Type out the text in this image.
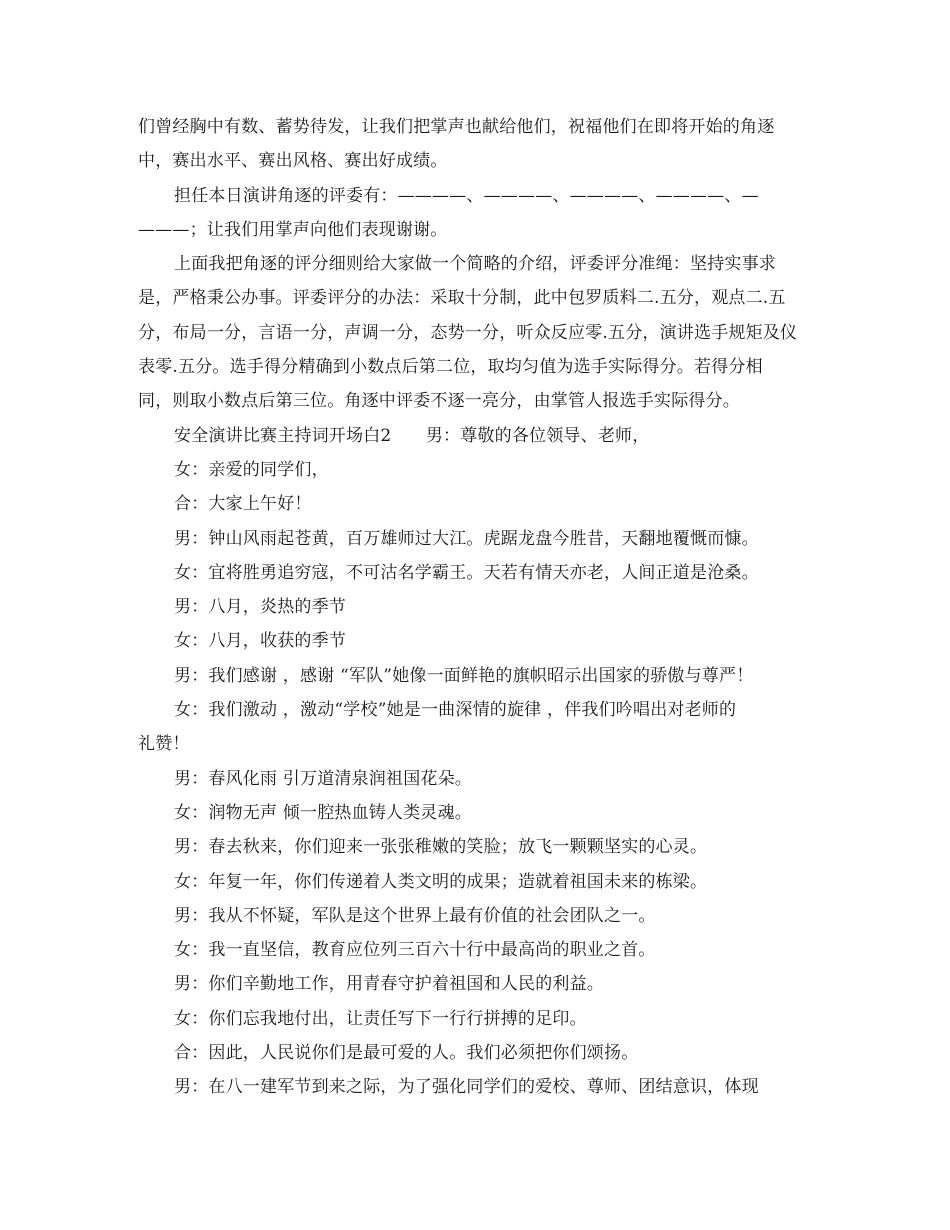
们曾经胸中有数、蓄势待发，让我们把掌声也献给他们，祝福他们在即将开始的角逐
中，赛出水平、赛出风格、赛出好成绩。
担任本日演讲角逐的评委有：————、————、————、————、—
———；让我们用掌声向他们表现谢谢。
上面我把角逐的评分细则给大家做一个简略的介绍，评委评分准绳：坚持实事求
是，严格秉公办事。评委评分的办法：采取十分制，此中包罗质料二.五分，观点二.五
分，布局一分，言语一分，声调一分，态势一分，听众反应零.五分，演讲选手规矩及仪
表零.五分。选手得分精确到小数点后第二位，取均匀值为选手实际得分。若得分相
同，则取小数点后第三位。角逐中评委不逐一亮分，由掌管人报选手实际得分。
安全演讲比赛主持词开场白2　　男：尊敬的各位领导、老师，
女：亲爱的同学们，
合：大家上午好！
男：钟山风雨起苍黄，百万雄师过大江。虎踞龙盘今胜昔，天翻地覆慨而慷。
女：宜将胜勇追穷寇，不可沽名学霸王。天若有情天亦老，人间正道是沧桑。
男：八月，炎热的季节
女：八月，收获的季节
男：我们感谢 ，感谢 “军队”她像一面鲜艳的旗帜昭示出国家的骄傲与尊严！
女：我们激动 ，激动“学校”她是一曲深情的旋律 ，伴我们吟唱出对老师的
礼赞！
男：春风化雨 引万道清泉润祖国花朵。
女：润物无声 倾一腔热血铸人类灵魂。
男：春去秋来，你们迎来一张张稚嫩的笑脸；放飞一颗颗坚实的心灵。
女：年复一年，你们传递着人类文明的成果；造就着祖国未来的栋梁。
男：我从不怀疑，军队是这个世界上最有价值的社会团队之一。
女：我一直坚信，教育应位列三百六十行中最高尚的职业之首。
男：你们辛勤地工作，用青春守护着祖国和人民的利益。
女：你们忘我地付出，让责任写下一行行拼搏的足印。
合：因此，人民说你们是最可爱的人。我们必须把你们颂扬。
男：在八一建军节到来之际，为了强化同学们的爱校、尊师、团结意识，体现
